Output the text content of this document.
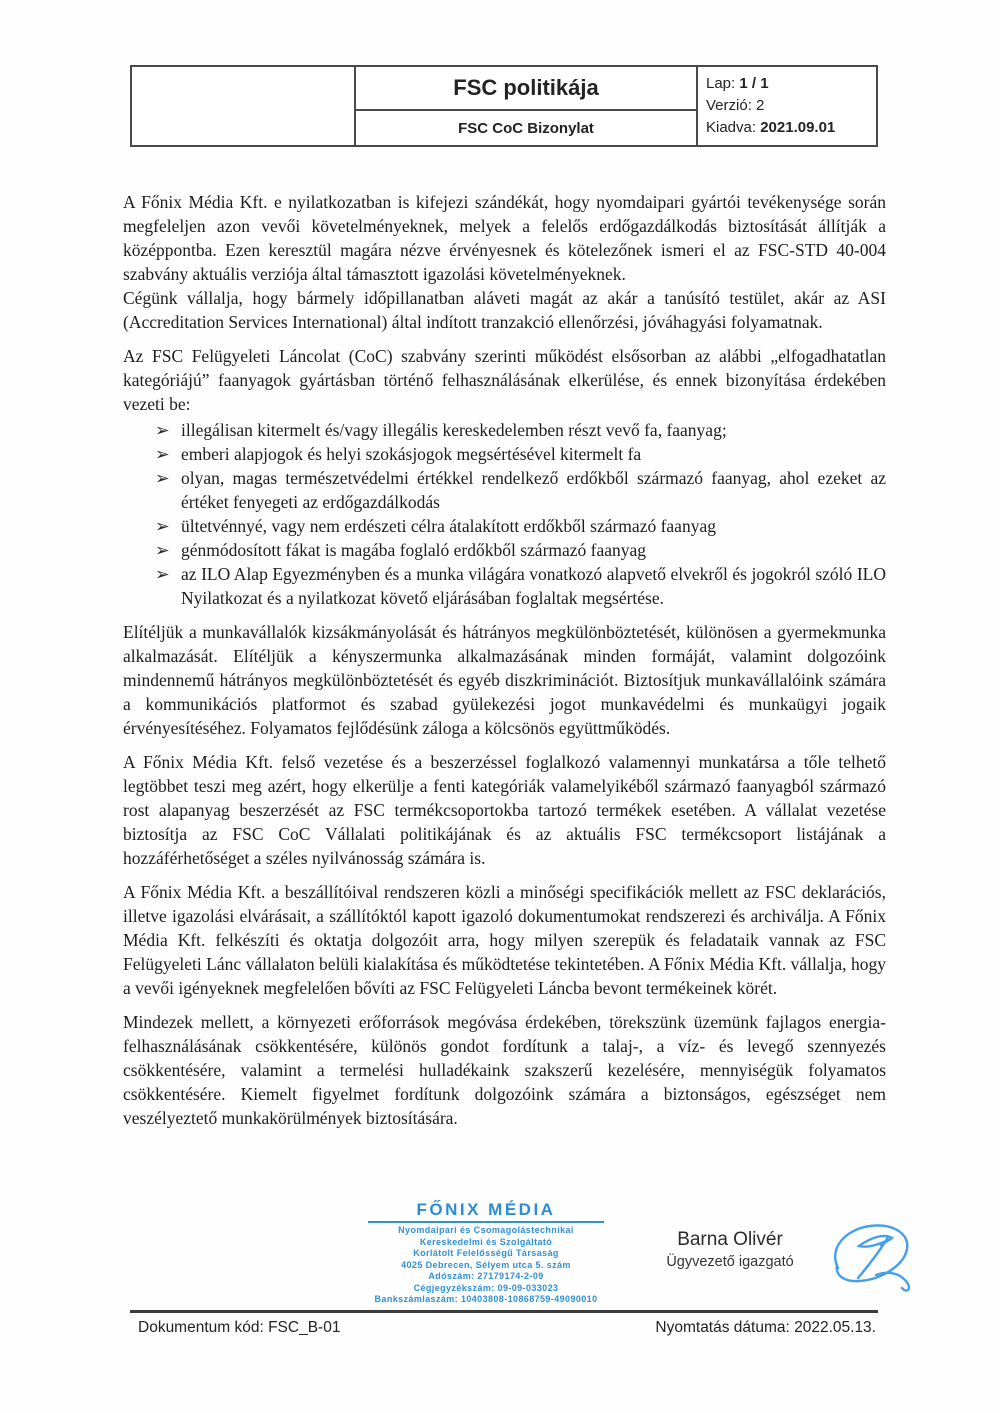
FSC politikája
FSC CoC Bizonylat
Lap: 1 / 1
Verzió: 2
Kiadva: 2021.09.01

A Főnix Média Kft. e nyilatkozatban is kifejezi szándékát, hogy nyomdaipari gyártói tevékenysége során megfeleljen azon vevői követelményeknek, melyek a felelős erdőgazdálkodás biztosítását állítják a középpontba. Ezen keresztül magára nézve érvényesnek és kötelezőnek ismeri el az FSC-STD 40-004 szabvány aktuális verziója által támasztott igazolási követelményeknek.

Cégünk vállalja, hogy bármely időpillanatban aláveti magát az akár a tanúsító testület, akár az ASI (Accreditation Services International) által indított tranzakció ellenőrzési, jóváhagyási folyamatnak.

Az FSC Felügyeleti Láncolat (CoC) szabvány szerinti működést elsősorban az alábbi „elfogadhatatlan kategóriájú” faanyagok gyártásban történő felhasználásának elkerülése, és ennek bizonyítása érdekében vezeti be:

➢ illegálisan kitermelt és/vagy illegális kereskedelemben részt vevő fa, faanyag;
➢ emberi alapjogok és helyi szokásjogok megsértésével kitermelt fa
➢ olyan, magas természetvédelmi értékkel rendelkező erdőkből származó faanyag, ahol ezeket az értéket fenyegeti az erdőgazdálkodás
➢ ültetvénnyé, vagy nem erdészeti célra átalakított erdőkből származó faanyag
➢ génmódosított fákat is magába foglaló erdőkből származó faanyag
➢ az ILO Alap Egyezményben és a munka világára vonatkozó alapvető elvekről és jogokról szóló ILO Nyilatkozat és a nyilatkozat követő eljárásában foglaltak megsértése.

Elítéljük a munkavállalók kizsákmányolását és hátrányos megkülönböztetését, különösen a gyermekmunka alkalmazását. Elítéljük a kényszermunka alkalmazásának minden formáját, valamint dolgozóink mindennemű hátrányos megkülönböztetését és egyéb diszkriminációt. Biztosítjuk munkavállalóink számára a kommunikációs platformot és szabad gyülekezési jogot munkavédelmi és munkaügyi jogaik érvényesítéséhez. Folyamatos fejlődésünk záloga a kölcsönös együttműködés.

A Főnix Média Kft. felső vezetése és a beszerzéssel foglalkozó valamennyi munkatársa a tőle telhető legtöbbet teszi meg azért, hogy elkerülje a fenti kategóriák valamelyikéből származó faanyagból származó rost alapanyag beszerzését az FSC termékcsoportokba tartozó termékek esetében. A vállalat vezetése biztosítja az FSC CoC Vállalati politikájának és az aktuális FSC termékcsoport listájának a hozzáférhetőséget a széles nyilvánosság számára is.

A Főnix Média Kft. a beszállítóival rendszeren közli a minőségi specifikációk mellett az FSC deklarációs, illetve igazolási elvárásait, a szállítóktól kapott igazoló dokumentumokat rendszerezi és archiválja. A Főnix Média Kft. felkészíti és oktatja dolgozóit arra, hogy milyen szerepük és feladataik vannak az FSC Felügyeleti Lánc vállalaton belüli kialakítása és működtetése tekintetében. A Főnix Média Kft. vállalja, hogy a vevői igényeknek megfelelően bővíti az FSC Felügyeleti Láncba bevont termékeinek körét.

Mindezek mellett, a környezeti erőforrások megóvása érdekében, törekszünk üzemünk fajlagos energia-felhasználásának csökkentésére, különös gondot fordítunk a talaj-, a víz- és levegő szennyezés csökkentésére, valamint a termelési hulladékaink szakszerű kezelésére, mennyiségük folyamatos csökkentésére. Kiemelt figyelmet fordítunk dolgozóink számára a biztonságos, egészséget nem veszélyeztető munkakörülmények biztosítására.

FŐNIX MÉDIA
Nyomdaipari és Csomagolástechnikai
Kereskedelmi és Szolgáltató
Korlátolt Felelősségű Társaság
4025 Debrecen, Sélyem utca 5. szám
Adószám: 27179174-2-09
Cégjegyzékszám: 09-09-033023
Bankszámlaszám: 10403808-10868759-49090010
Barna Olivér
Ügyvezető igazgató
Dokumentum kód: FSC_B-01	Nyomtatás dátuma: 2022.05.13.
